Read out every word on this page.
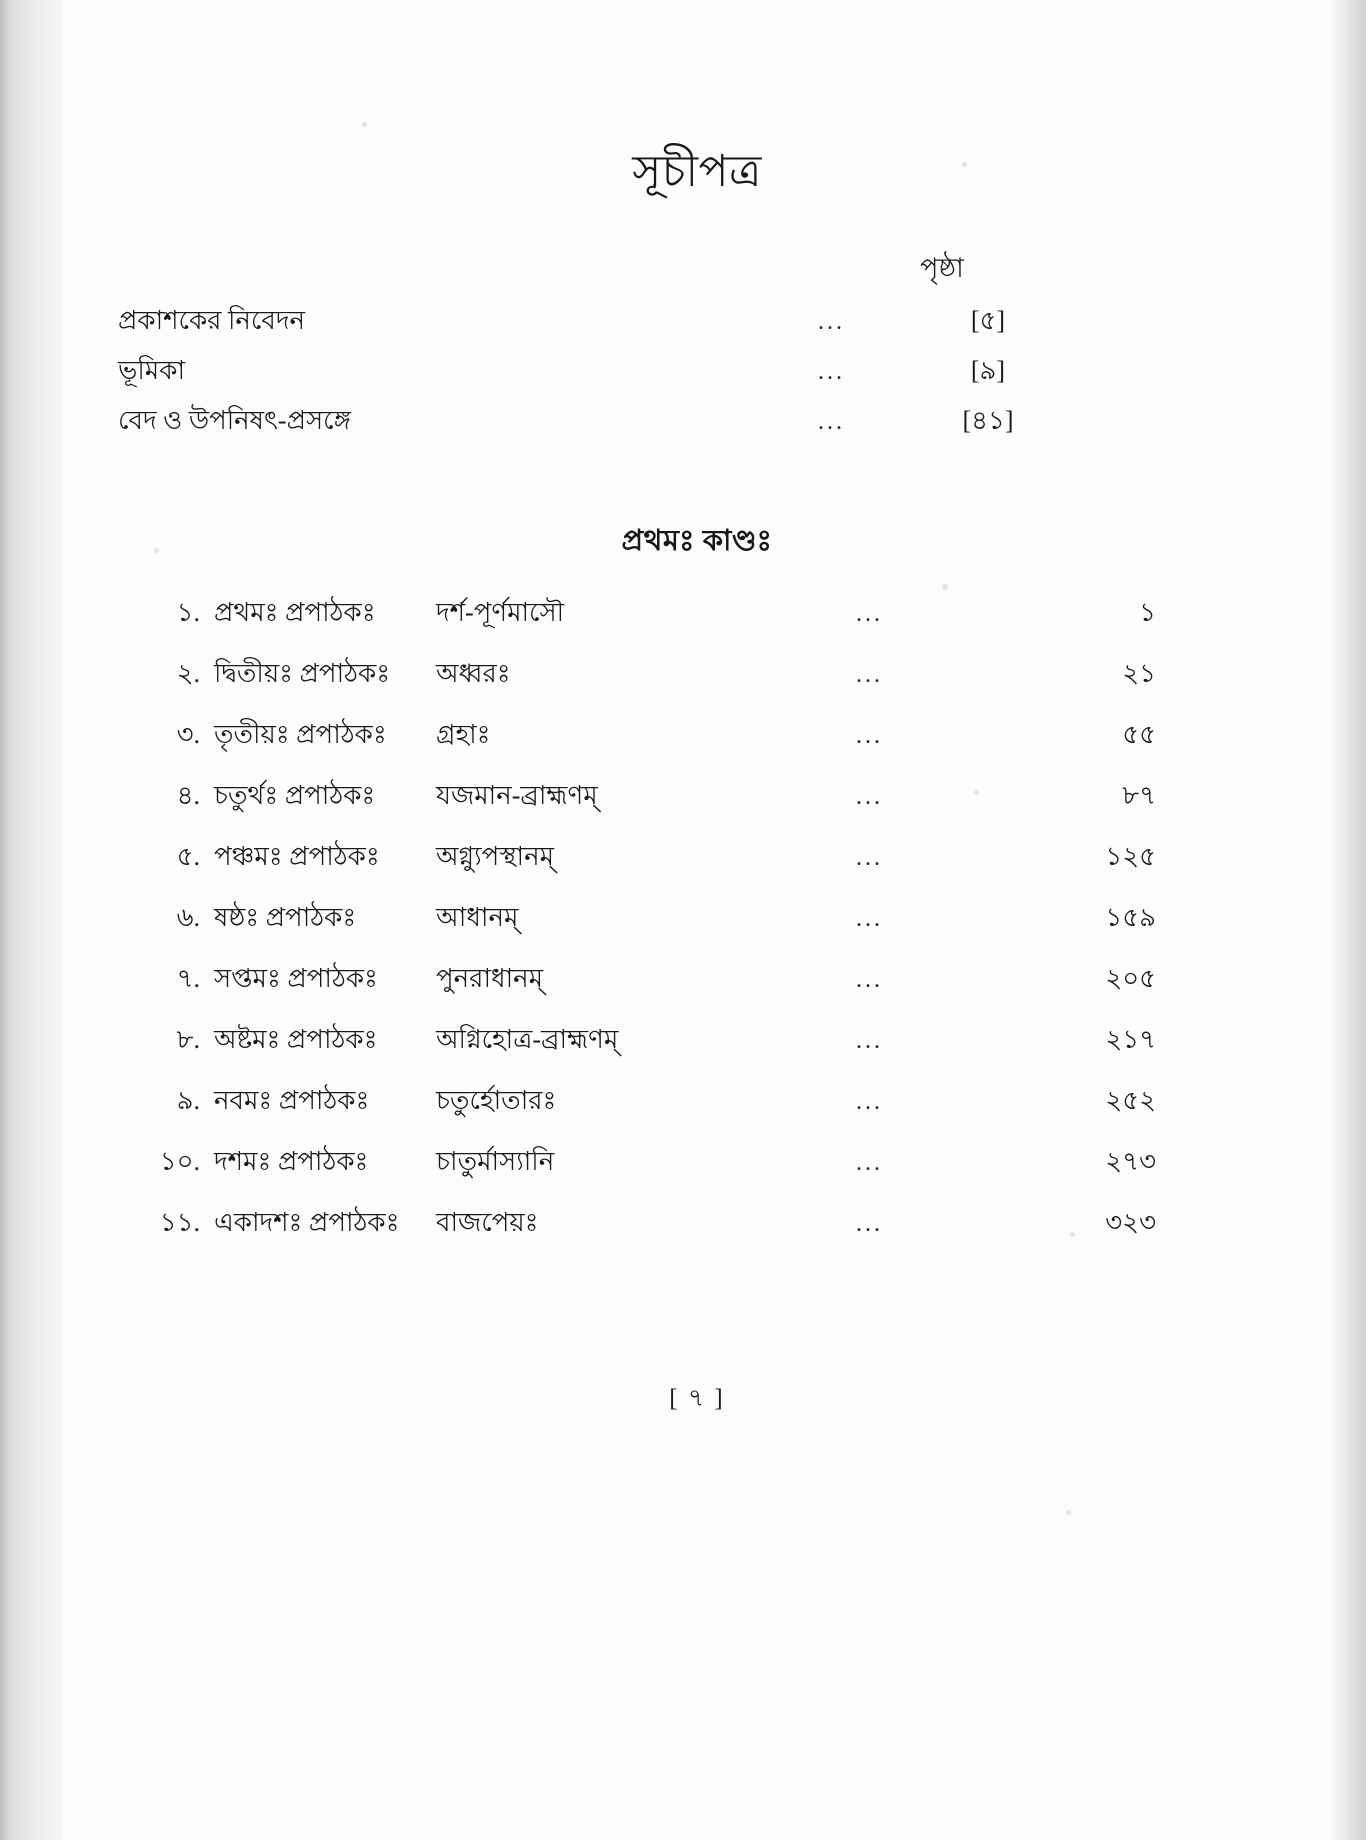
সূচীপত্র
পৃষ্ঠা
প্রকাশকের নিবেদন	...	[৫]
ভূমিকা	...	[৯]
বেদ ও উপনিষৎ-প্রসঙ্গে	...	[৪১]
প্রথমঃ কাণ্ডঃ
১. প্রথমঃ প্রপাঠকঃ	দর্শ-পূর্ণমাসৌ	...	১
২. দ্বিতীয়ঃ প্রপাঠকঃ	অধ্বরঃ	...	২১
৩. তৃতীয়ঃ প্রপাঠকঃ	গ্রহাঃ	...	৫৫
৪. চতুর্থঃ প্রপাঠকঃ	যজমান-ব্রাহ্মণম্	...	৮৭
৫. পঞ্চমঃ প্রপাঠকঃ	অগ্ন্যুপস্থানম্	...	১২৫
৬. ষষ্ঠঃ প্রপাঠকঃ	আধানম্	...	১৫৯
৭. সপ্তমঃ প্রপাঠকঃ	পুনরাধানম্	...	২০৫
৮. অষ্টমঃ প্রপাঠকঃ	অগ্নিহোত্র-ব্রাহ্মণম্	...	২১৭
৯. নবমঃ প্রপাঠকঃ	চতুর্হোতারঃ	...	২৫২
১০. দশমঃ প্রপাঠকঃ	চাতুর্মাস্যানি	...	২৭৩
১১. একাদশঃ প্রপাঠকঃ	বাজপেয়ঃ	...	৩২৩
[ ৭ ]
